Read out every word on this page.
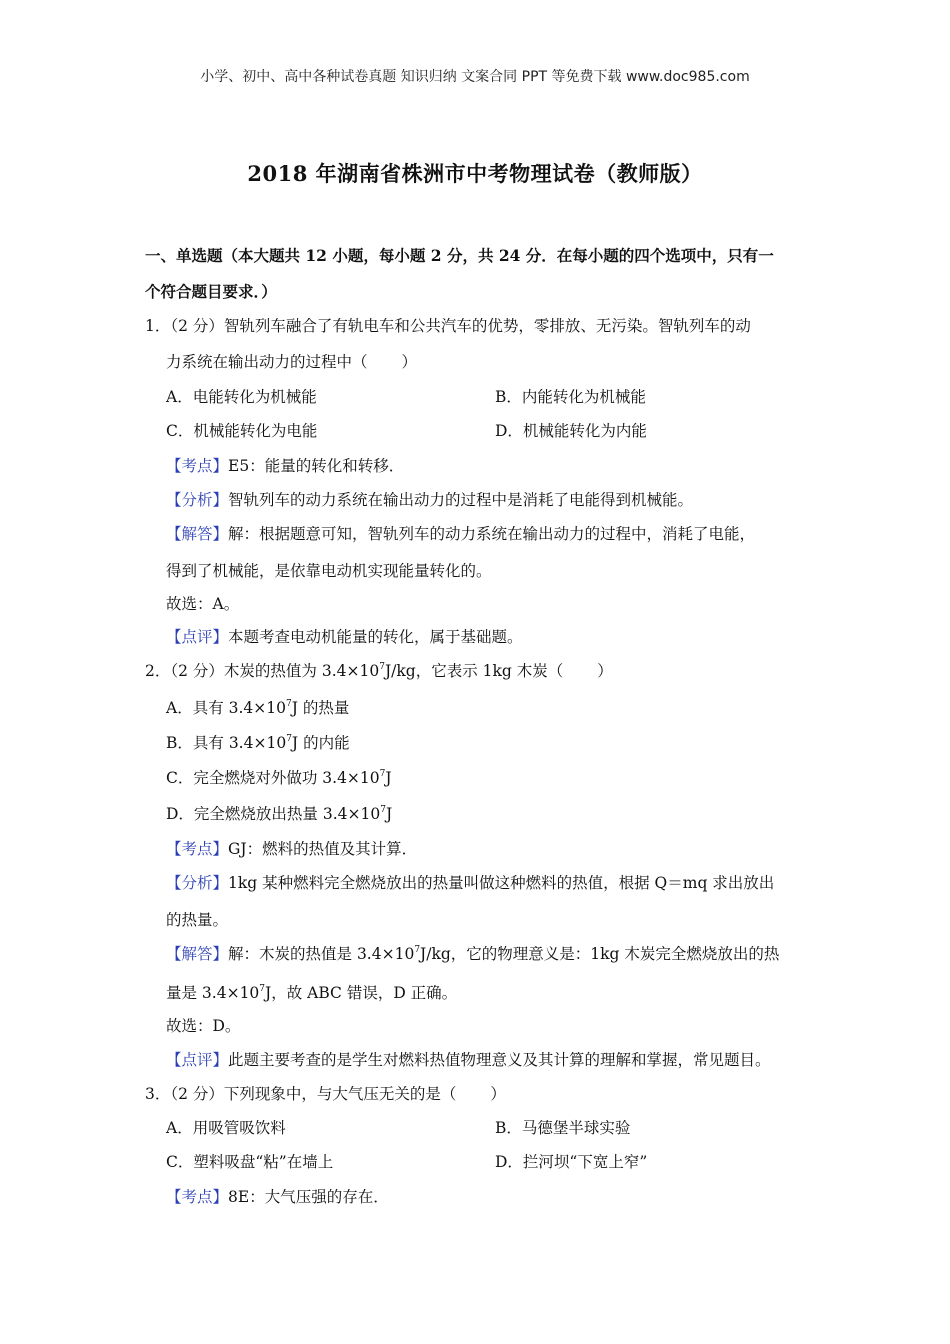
小学、初中、高中各种试卷真题 知识归纳 文案合同 PPT 等免费下载 www.doc985.com
2018 年湖南省株洲市中考物理试卷（教师版）
一、单选题（本大题共 12 小题，每小题 2 分，共 24 分．在每小题的四个选项中，只有一
个符合题目要求．）
1．（2 分）智轨列车融合了有轨电车和公共汽车的优势，零排放、无污染。智轨列车的动
力系统在输出动力的过程中（ ）
A．电能转化为机械能	B．内能转化为机械能
C．机械能转化为电能	D．机械能转化为内能
【考点】E5：能量的转化和转移．
【分析】智轨列车的动力系统在输出动力的过程中是消耗了电能得到机械能。
【解答】解：根据题意可知，智轨列车的动力系统在输出动力的过程中，消耗了电能，
得到了机械能，是依靠电动机实现能量转化的。
故选：A。
【点评】本题考查电动机能量的转化，属于基础题。
2．（2 分）木炭的热值为 $3.4\times 10^7J/kg$，它表示 1kg 木炭（ ）
A．具有 $3.4\times 10^7J$ 的热量
B．具有 $3.4\times 10^7J$ 的内能
C．完全燃烧对外做功 $3.4\times 10^7J$
D．完全燃烧放出热量 $3.4\times 10^7J$
【考点】GJ：燃料的热值及其计算．
【分析】1kg 某种燃料完全燃烧放出的热量叫做这种燃料的热值，根据 Q＝mq 求出放出
的热量。
【解答】解：木炭的热值是 $3.4\times 10^7J/kg$，它的物理意义是：1kg 木炭完全燃烧放出的热
量是 $3.4\times 10^7J$，故 ABC 错误，D 正确。
故选：D。
【点评】此题主要考查的是学生对燃料热值物理意义及其计算的理解和掌握，常见题目。
3．（2 分）下列现象中，与大气压无关的是（ ）
A．用吸管吸饮料	B．马德堡半球实验
C．塑料吸盘“粘”在墙上	D．拦河坝“下宽上窄”
【考点】8E：大气压强的存在．
